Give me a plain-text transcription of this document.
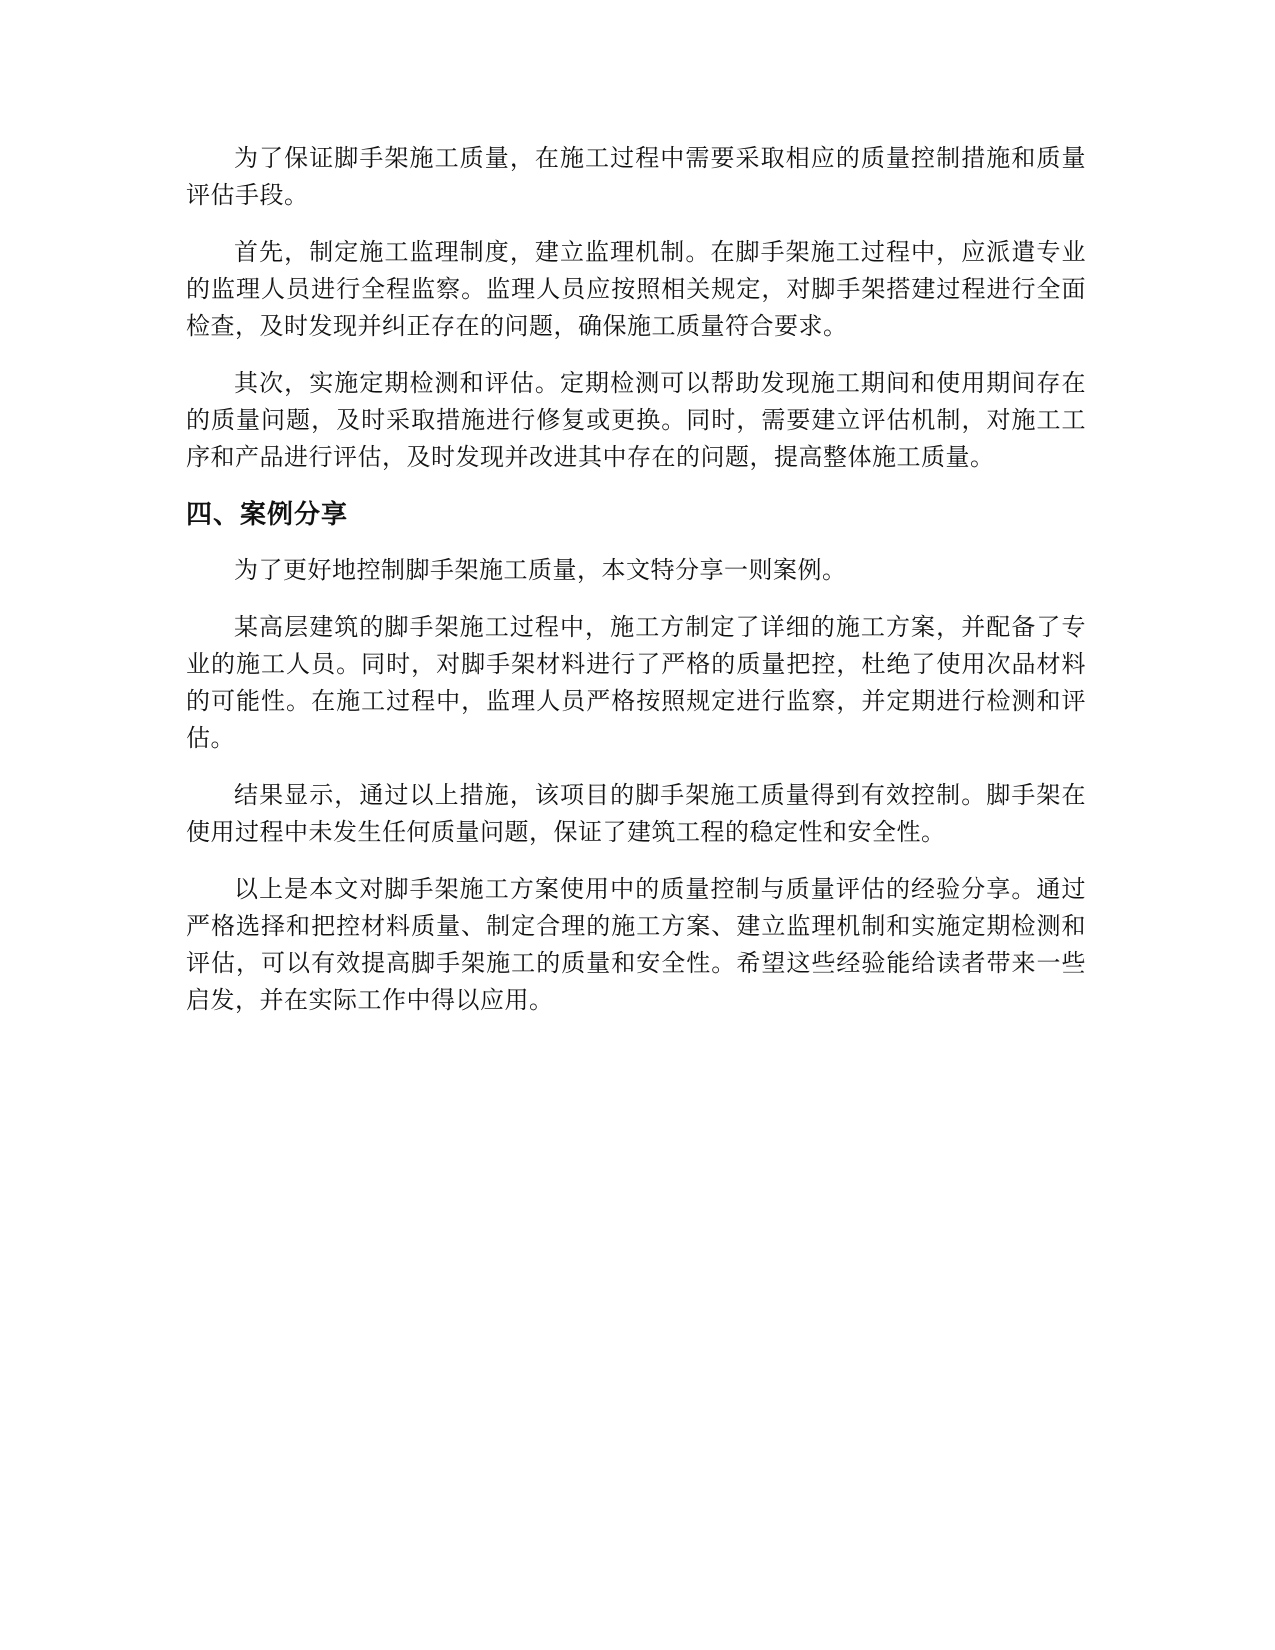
为了保证脚手架施工质量，在施工过程中需要采取相应的质量控制措施和质量评估手段。

首先，制定施工监理制度，建立监理机制。在脚手架施工过程中，应派遣专业的监理人员进行全程监察。监理人员应按照相关规定，对脚手架搭建过程进行全面检查，及时发现并纠正存在的问题，确保施工质量符合要求。

其次，实施定期检测和评估。定期检测可以帮助发现施工期间和使用期间存在的质量问题，及时采取措施进行修复或更换。同时，需要建立评估机制，对施工工序和产品进行评估，及时发现并改进其中存在的问题，提高整体施工质量。

四、案例分享

为了更好地控制脚手架施工质量，本文特分享一则案例。

某高层建筑的脚手架施工过程中，施工方制定了详细的施工方案，并配备了专业的施工人员。同时，对脚手架材料进行了严格的质量把控，杜绝了使用次品材料的可能性。在施工过程中，监理人员严格按照规定进行监察，并定期进行检测和评估。

结果显示，通过以上措施，该项目的脚手架施工质量得到有效控制。脚手架在使用过程中未发生任何质量问题，保证了建筑工程的稳定性和安全性。

以上是本文对脚手架施工方案使用中的质量控制与质量评估的经验分享。通过严格选择和把控材料质量、制定合理的施工方案、建立监理机制和实施定期检测和评估，可以有效提高脚手架施工的质量和安全性。希望这些经验能给读者带来一些启发，并在实际工作中得以应用。
